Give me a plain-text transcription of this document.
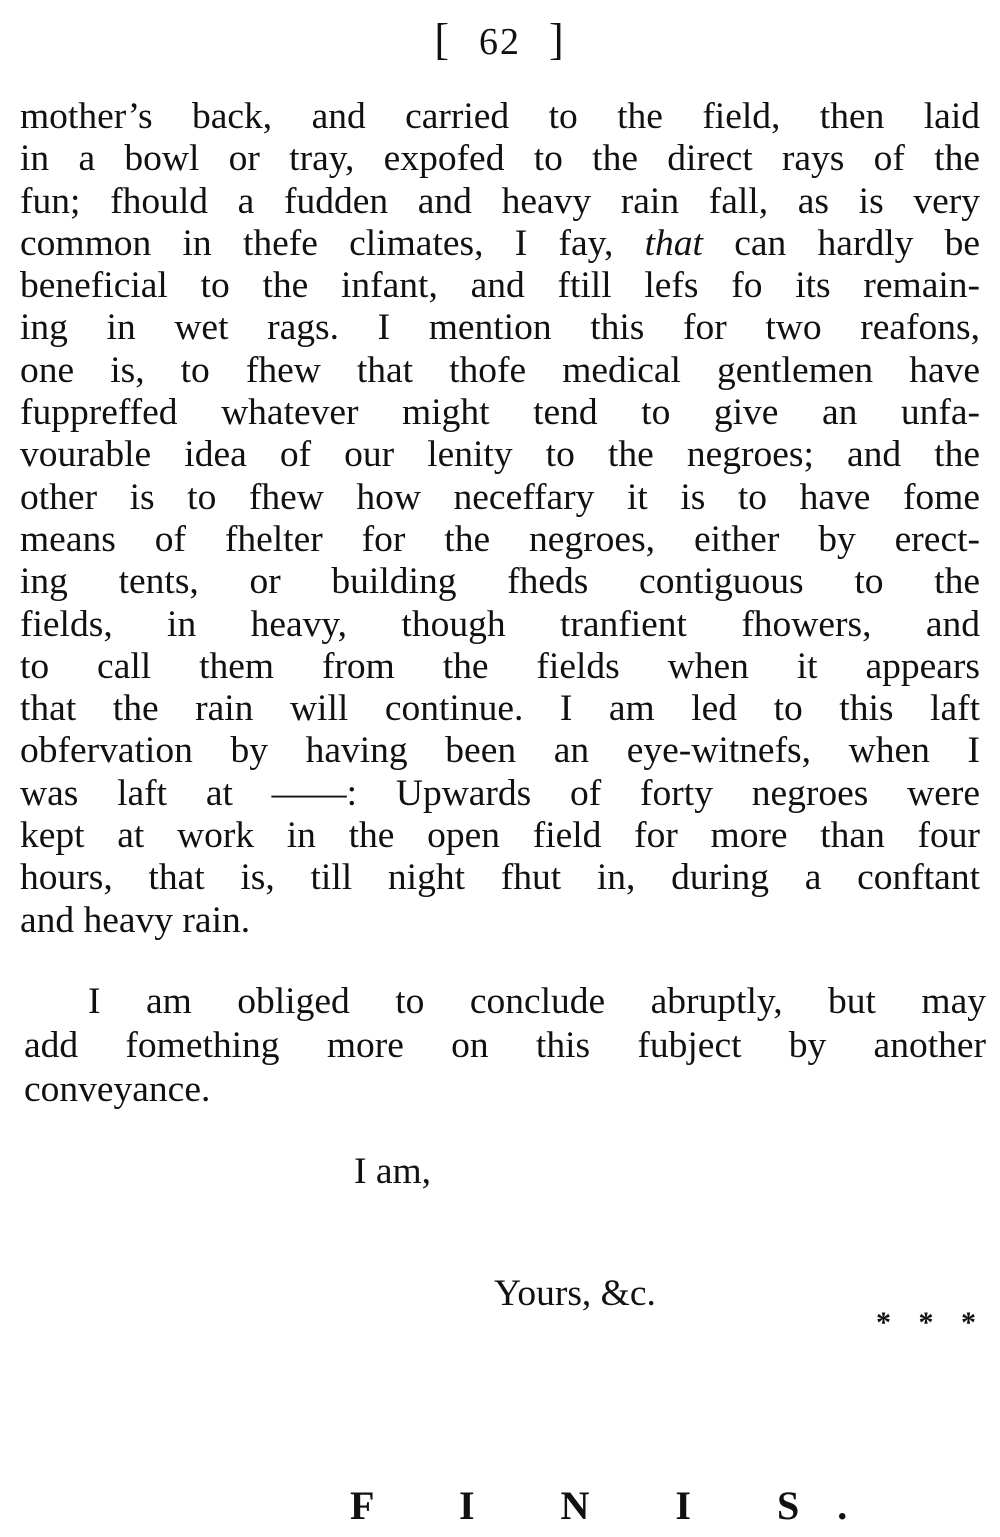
[ 62 ]
mother’s back, and carried to the field, then laid
in a bowl or tray, expofed to the direct rays of the
fun; fhould a fudden and heavy rain fall, as is very
common in thefe climates, I fay, that can hardly be
beneficial to the infant, and ftill lefs fo its remain-
ing in wet rags. I mention this for two reafons,
one is, to fhew that thofe medical gentlemen have
fuppreffed whatever might tend to give an unfa-
vourable idea of our lenity to the negroes; and the
other is to fhew how neceffary it is to have fome
means of fhelter for the negroes, either by erect-
ing tents, or building fheds contiguous to the
fields, in heavy, though tranfient fhowers, and
to call them from the fields when it appears
that the rain will continue. I am led to this laft
obfervation by having been an eye-witnefs, when I
was laft at ——: Upwards of forty negroes were
kept at work in the open field for more than four
hours, that is, till night fhut in, during a conftant
and heavy rain.
I am obliged to conclude abruptly, but may
add fomething more on this fubject by another
conveyance.
I am,
Yours, &c.
* * *
F I N I S.
